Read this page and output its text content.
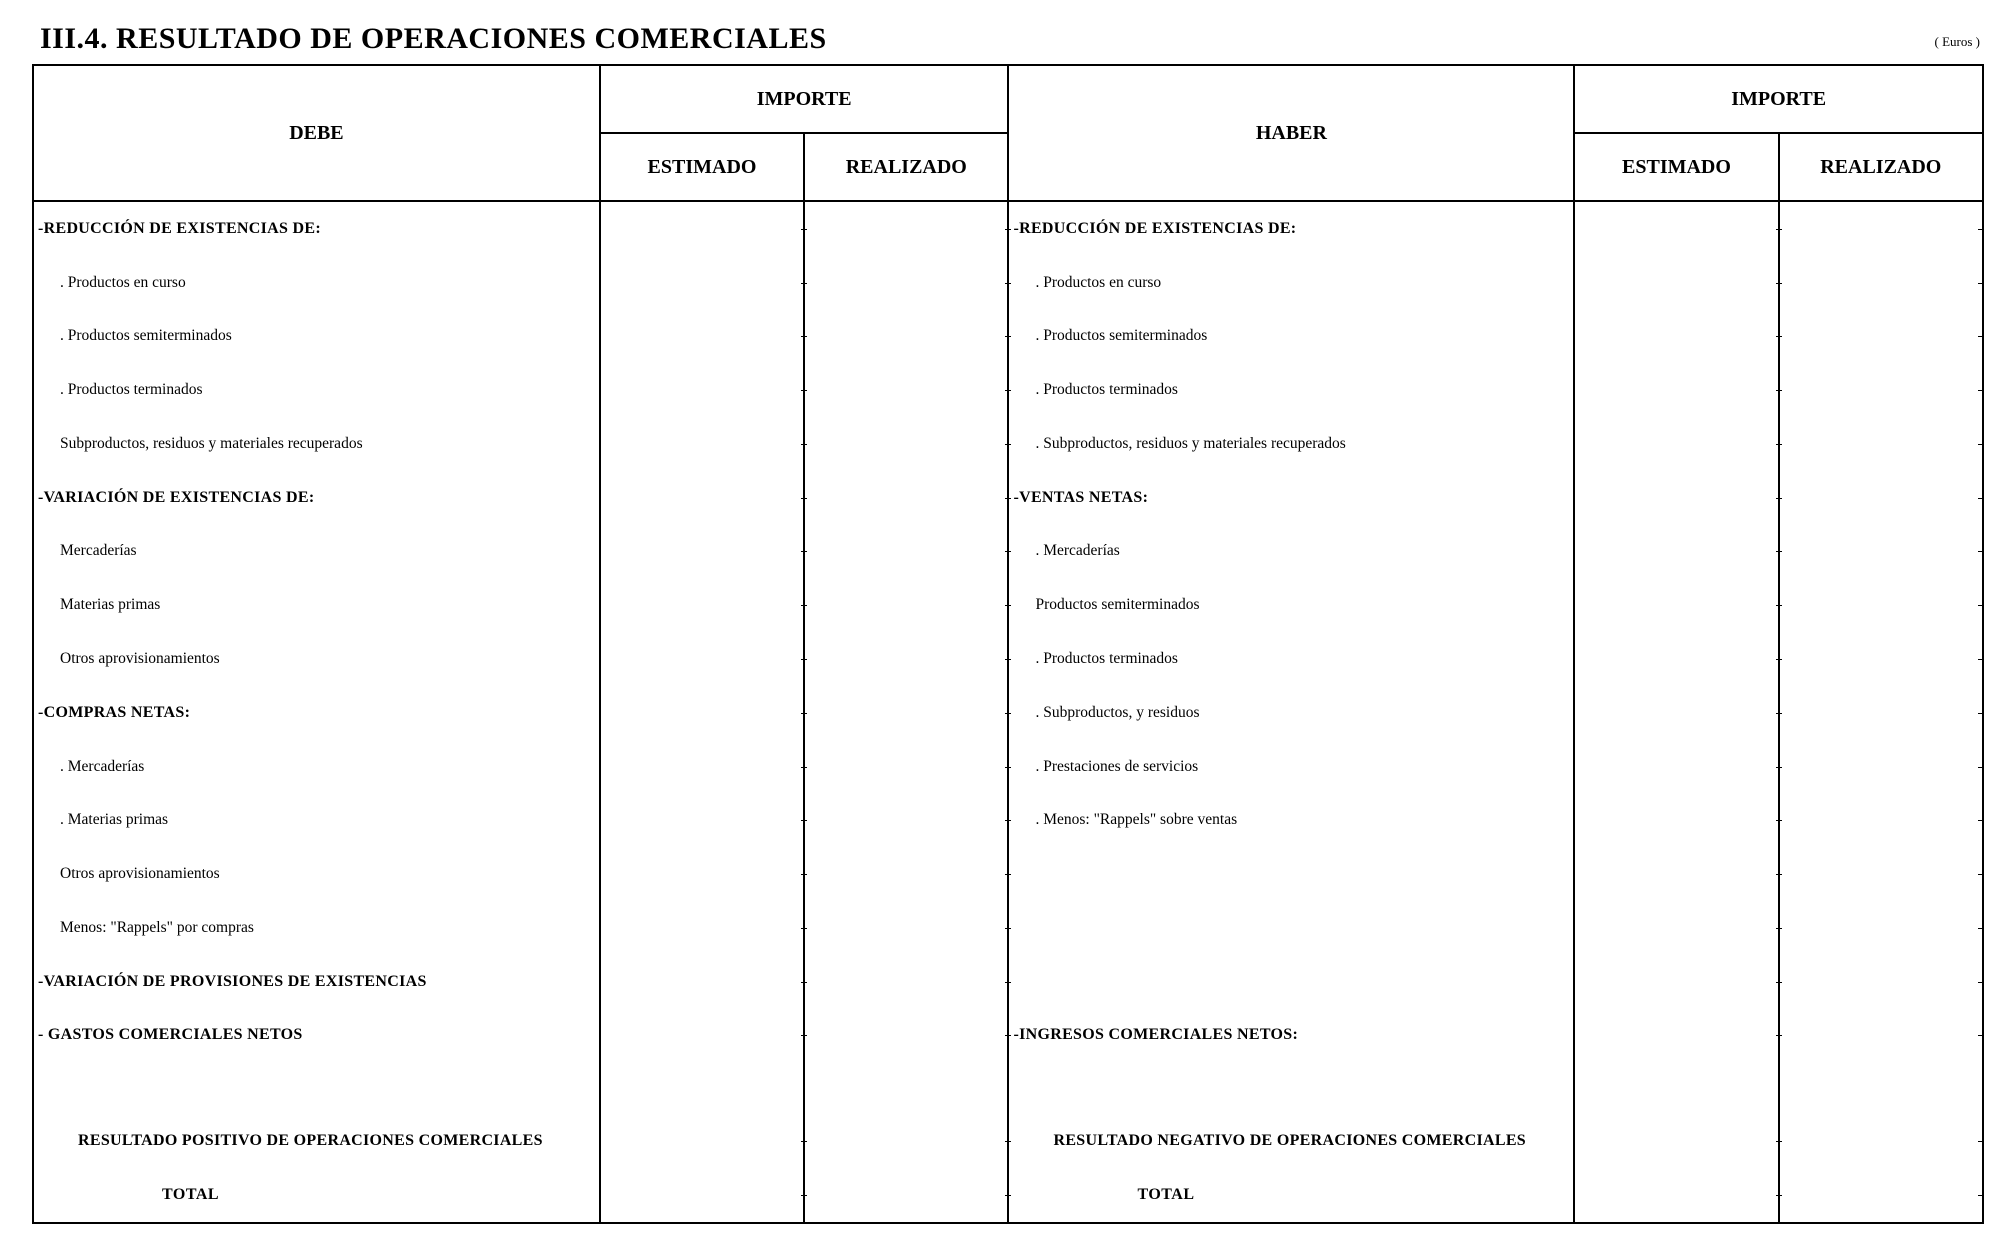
III.4. RESULTADO DE OPERACIONES COMERCIALES	( Euros )
DEBE	IMPORTE		HABER	IMPORTE	
	ESTIMADO	REALIZADO		ESTIMADO	REALIZADO
-REDUCCIÓN DE EXISTENCIAS DE:			-REDUCCIÓN DE EXISTENCIAS DE:		
. Productos en curso			. Productos en curso		
. Productos semiterminados			. Productos semiterminados		
. Productos terminados			. Productos terminados		
Subproductos, residuos y materiales recuperados			. Subproductos, residuos y materiales recuperados		
-VARIACIÓN DE EXISTENCIAS DE:			-VENTAS NETAS:		
Mercaderías			. Mercaderías		
Materias primas			Productos semiterminados		
Otros aprovisionamientos			. Productos terminados		
-COMPRAS NETAS:			. Subproductos, y residuos		
. Mercaderías			. Prestaciones de servicios		
. Materias primas			. Menos: "Rappels" sobre ventas		
Otros aprovisionamientos					
Menos: "Rappels" por compras					
-VARIACIÓN DE PROVISIONES DE EXISTENCIAS					
- GASTOS COMERCIALES NETOS			-INGRESOS COMERCIALES NETOS:		

RESULTADO POSITIVO DE OPERACIONES COMERCIALES			RESULTADO NEGATIVO DE OPERACIONES COMERCIALES		
TOTAL			TOTAL		
